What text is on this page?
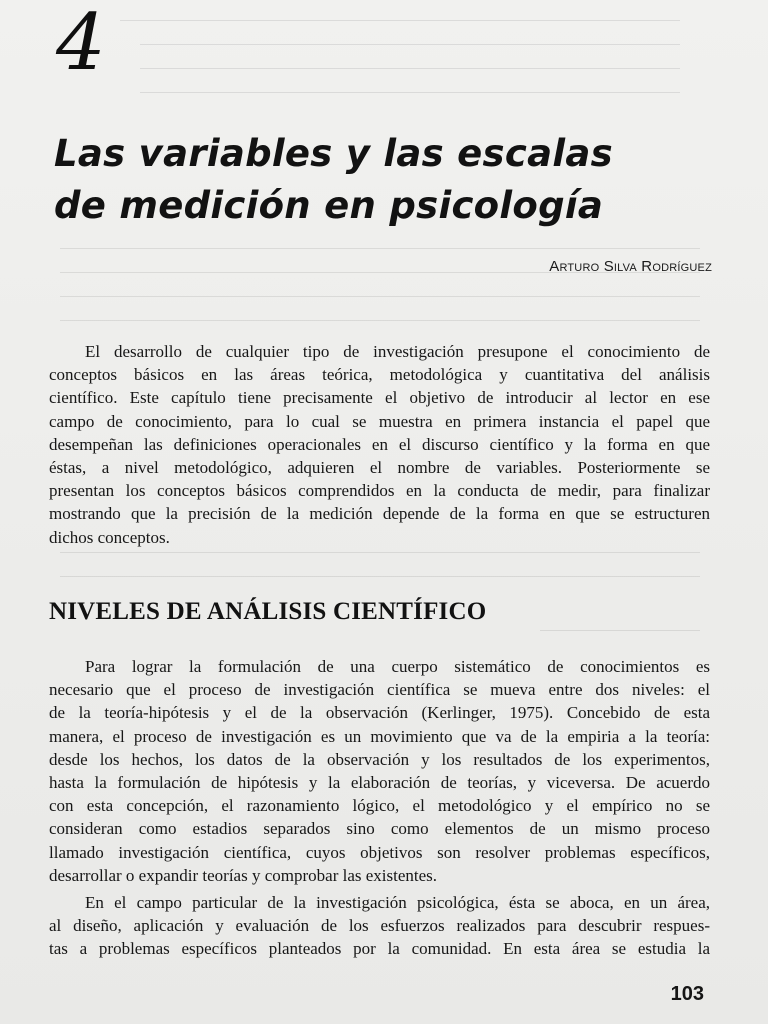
4
Las variables y las escalas
de medición en psicología
Arturo Silva Rodríguez
El desarrollo de cualquier tipo de investigación presupone el conocimiento de
conceptos básicos en las áreas teórica, metodológica y cuantitativa del análisis
científico. Este capítulo tiene precisamente el objetivo de introducir al lector en ese
campo de conocimiento, para lo cual se muestra en primera instancia el papel que
desempeñan las definiciones operacionales en el discurso científico y la forma en que
éstas, a nivel metodológico, adquieren el nombre de variables. Posteriormente se
presentan los conceptos básicos comprendidos en la conducta de medir, para finalizar
mostrando que la precisión de la medición depende de la forma en que se estructuren
dichos conceptos.
NIVELES DE ANÁLISIS CIENTÍFICO
Para lograr la formulación de una cuerpo sistemático de conocimientos es
necesario que el proceso de investigación científica se mueva entre dos niveles: el
de la teoría-hipótesis y el de la observación (Kerlinger, 1975). Concebido de esta
manera, el proceso de investigación es un movimiento que va de la empiria a la teoría:
desde los hechos, los datos de la observación y los resultados de los experimentos,
hasta la formulación de hipótesis y la elaboración de teorías, y viceversa. De acuerdo
con esta concepción, el razonamiento lógico, el metodológico y el empírico no se
consideran como estadios separados sino como elementos de un mismo proceso
llamado investigación científica, cuyos objetivos son resolver problemas específicos,
desarrollar o expandir teorías y comprobar las existentes.
En el campo particular de la investigación psicológica, ésta se aboca, en un área,
al diseño, aplicación y evaluación de los esfuerzos realizados para descubrir respues-
tas a problemas específicos planteados por la comunidad. En esta área se estudia la
103
